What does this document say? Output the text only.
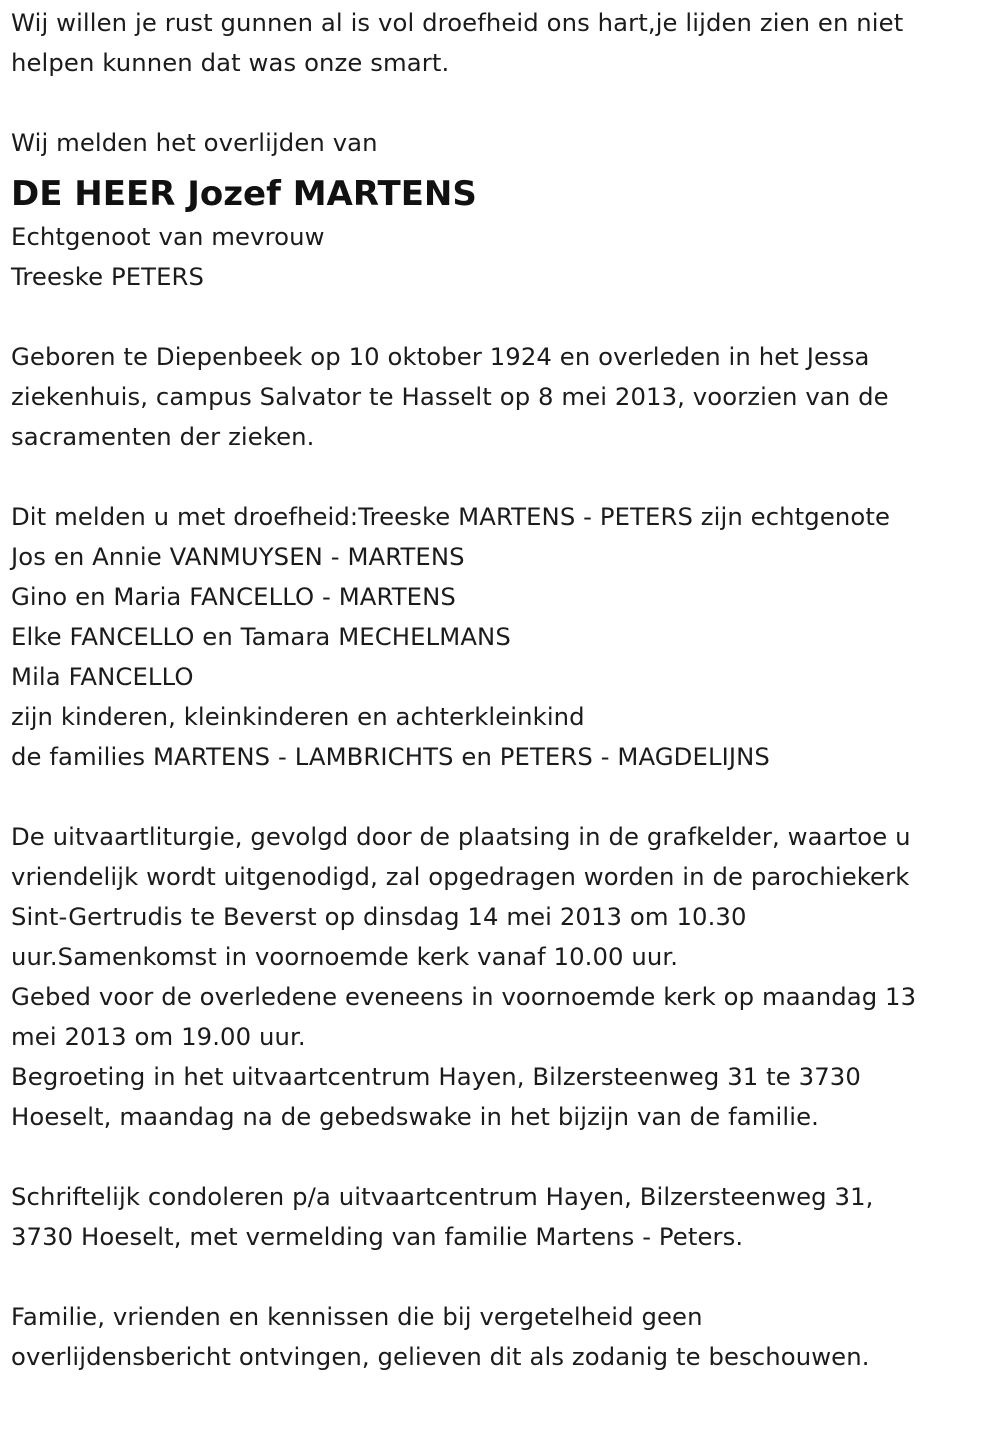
Wij willen je rust gunnen al is vol droefheid ons hart,je lijden zien en niet
helpen kunnen dat was onze smart.
Wij melden het overlijden van
DE HEER Jozef MARTENS
Echtgenoot van mevrouw
Treeske PETERS
Geboren te Diepenbeek op 10 oktober 1924 en overleden in het Jessa
ziekenhuis, campus Salvator te Hasselt op 8 mei 2013, voorzien van de
sacramenten der zieken.
Dit melden u met droefheid:Treeske MARTENS - PETERS zijn echtgenote
Jos en Annie VANMUYSEN - MARTENS
Gino en Maria FANCELLO - MARTENS
Elke FANCELLO en Tamara MECHELMANS
Mila FANCELLO
zijn kinderen, kleinkinderen en achterkleinkind
de families MARTENS - LAMBRICHTS en PETERS - MAGDELIJNS
De uitvaartliturgie, gevolgd door de plaatsing in de grafkelder, waartoe u
vriendelijk wordt uitgenodigd, zal opgedragen worden in de parochiekerk
Sint-Gertrudis te Beverst op dinsdag 14 mei 2013 om 10.30
uur.Samenkomst in voornoemde kerk vanaf 10.00 uur.
Gebed voor de overledene eveneens in voornoemde kerk op maandag 13
mei 2013 om 19.00 uur.
Begroeting in het uitvaartcentrum Hayen, Bilzersteenweg 31 te 3730
Hoeselt, maandag na de gebedswake in het bijzijn van de familie.
Schriftelijk condoleren p/a uitvaartcentrum Hayen, Bilzersteenweg 31,
3730 Hoeselt, met vermelding van familie Martens - Peters.
Familie, vrienden en kennissen die bij vergetelheid geen
overlijdensbericht ontvingen, gelieven dit als zodanig te beschouwen.
